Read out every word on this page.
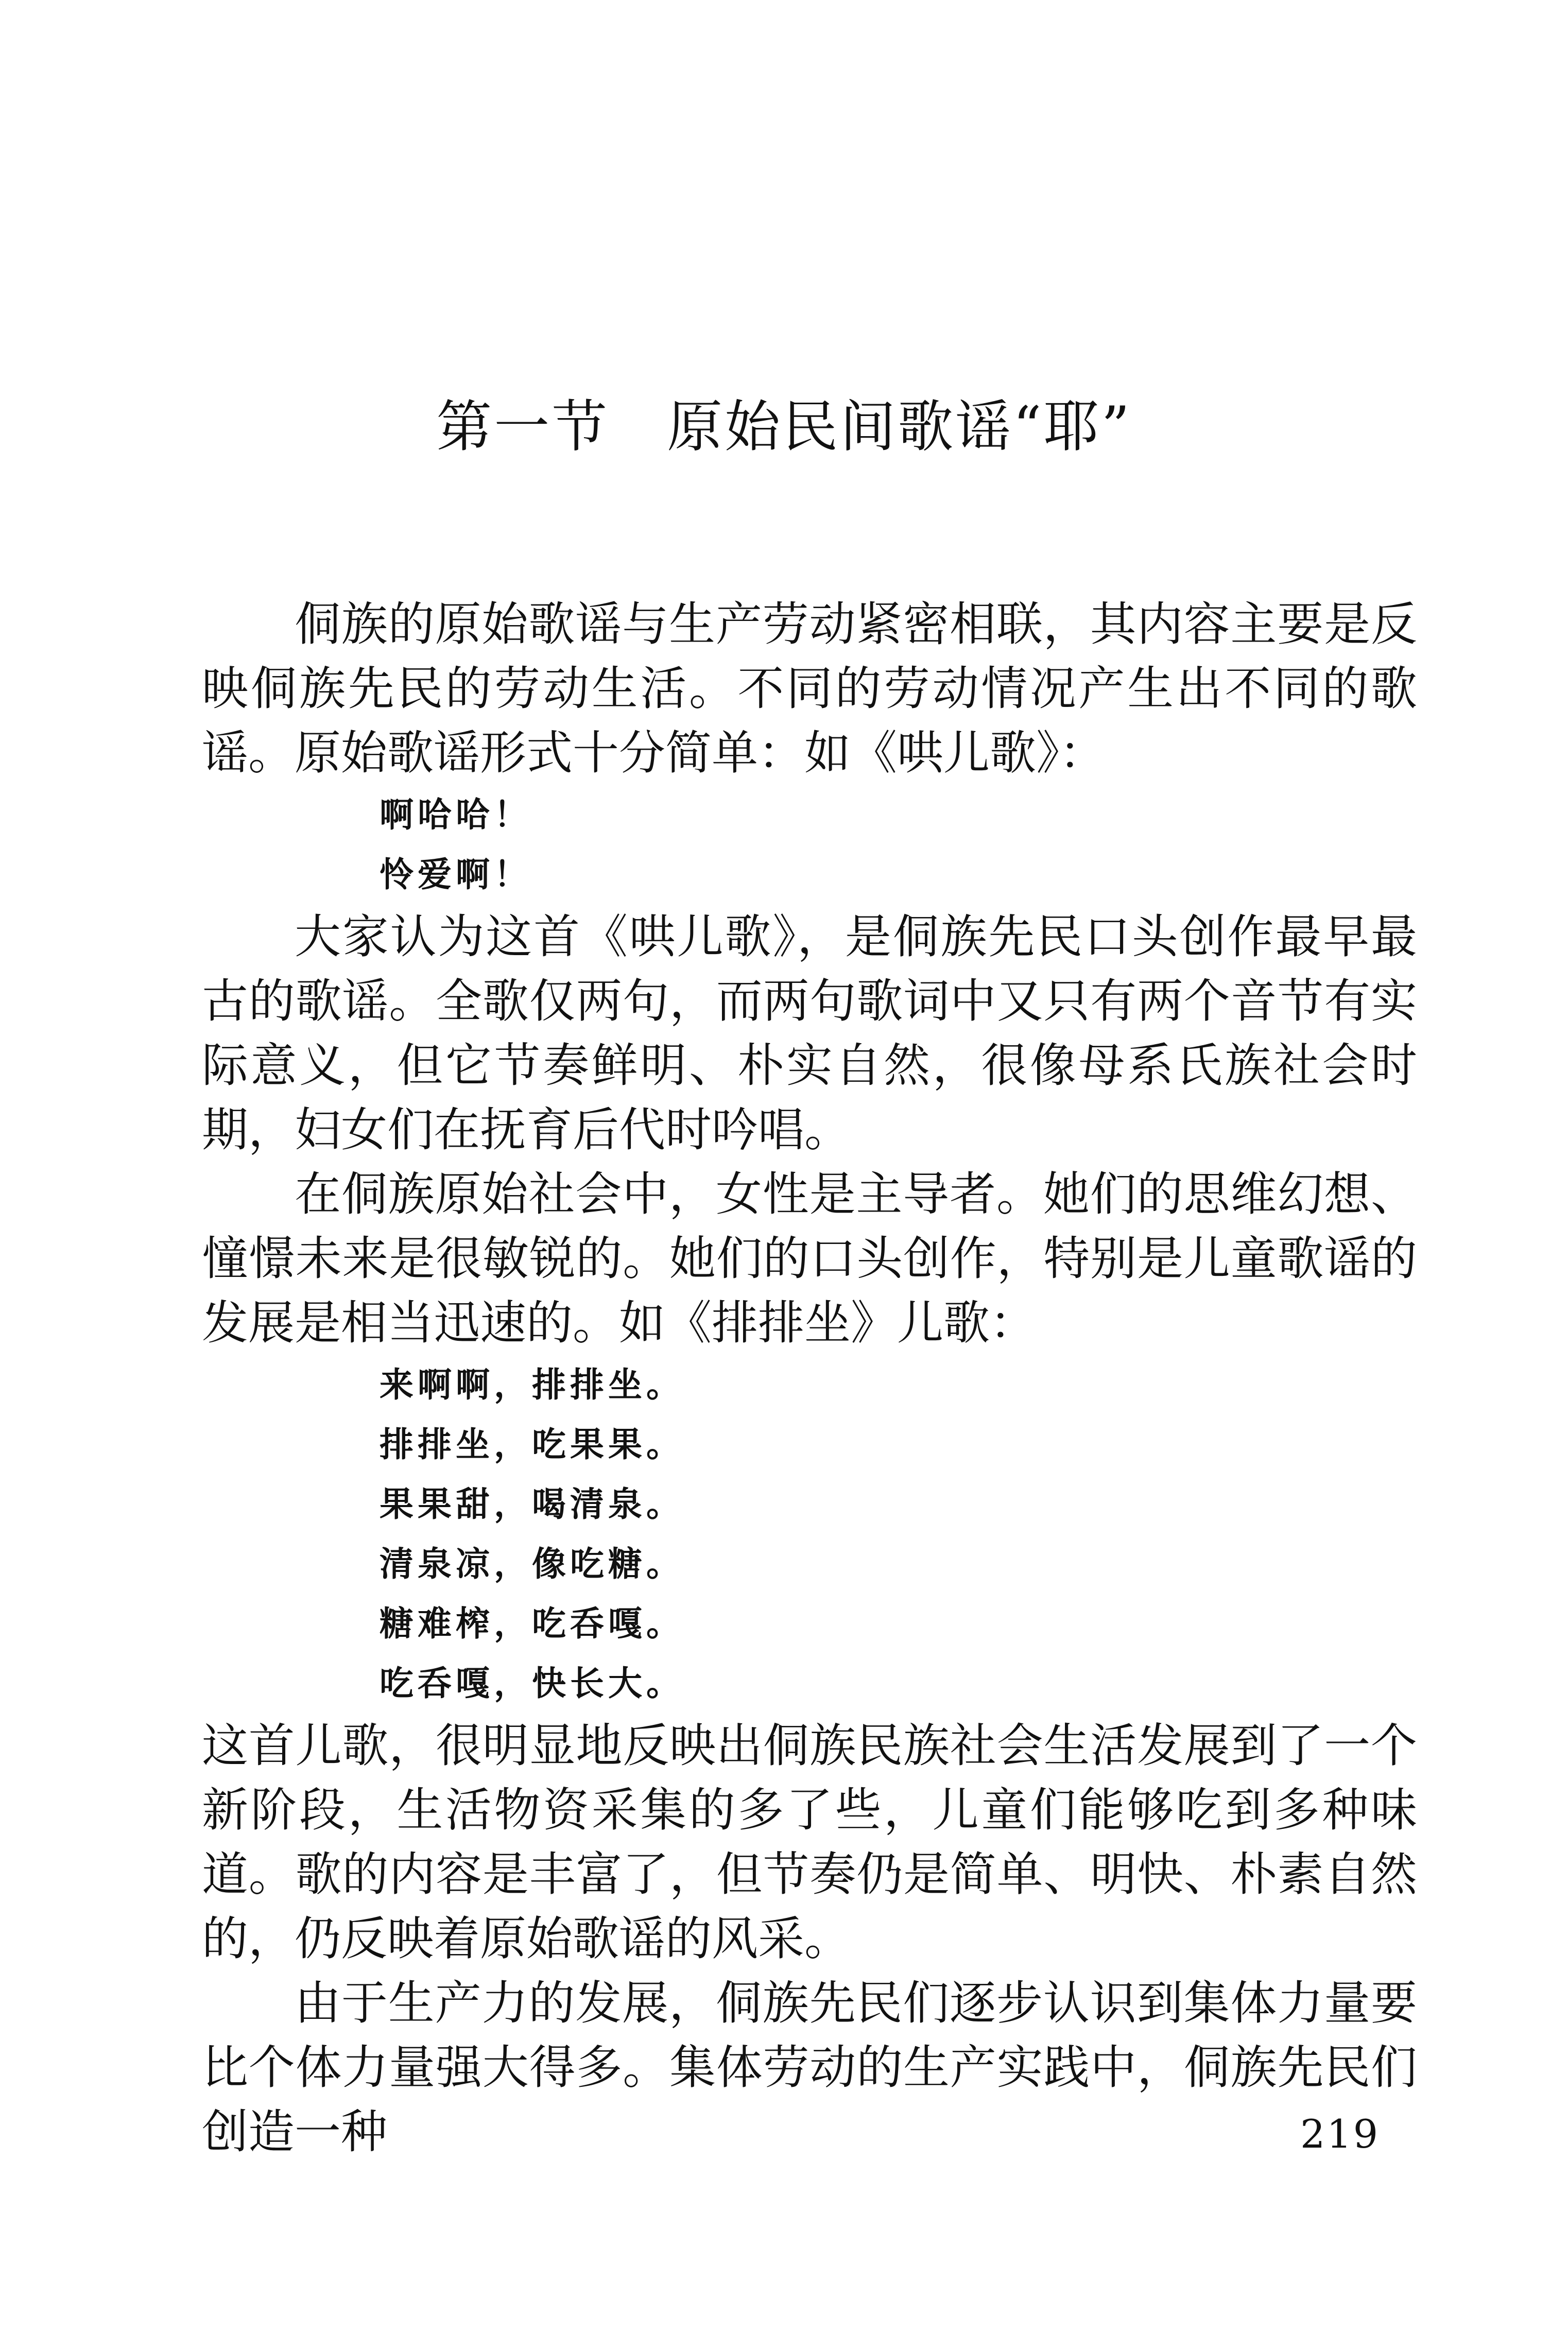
第一节　原始民间歌谣“耶”

侗族的原始歌谣与生产劳动紧密相联，其内容主要是反映侗族先民的劳动生活。不同的劳动情况产生出不同的歌谣。原始歌谣形式十分简单：如《哄儿歌》：

啊哈哈！
怜爱啊！

大家认为这首《哄儿歌》，是侗族先民口头创作最早最古的歌谣。全歌仅两句，而两句歌词中又只有两个音节有实际意义，但它节奏鲜明、朴实自然，很像母系氏族社会时期，妇女们在抚育后代时吟唱。

在侗族原始社会中，女性是主导者。她们的思维幻想、憧憬未来是很敏锐的。她们的口头创作，特别是儿童歌谣的发展是相当迅速的。如《排排坐》儿歌：

来啊啊，排排坐。
排排坐，吃果果。
果果甜，喝清泉。
清泉凉，像吃糖。
糖难榨，吃呑嘎。
吃呑嘎，快长大。

这首儿歌，很明显地反映出侗族民族社会生活发展到了一个新阶段，生活物资采集的多了些，儿童们能够吃到多种味道。歌的内容是丰富了，但节奏仍是简单、明快、朴素自然的，仍反映着原始歌谣的风采。

由于生产力的发展，侗族先民们逐步认识到集体力量要比个体力量强大得多。集体劳动的生产实践中，侗族先民们创造一种	219
